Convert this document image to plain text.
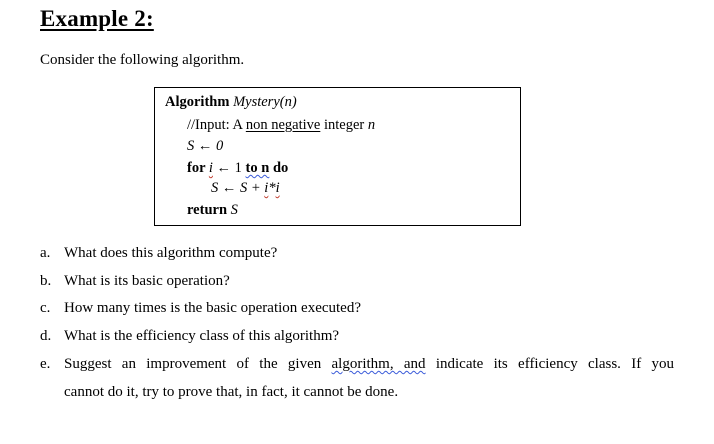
Example 2:
Consider the following algorithm.
Algorithm Mystery(n)
//Input: A non negative integer n
S ← 0
for i ← 1 to n do
S ← S + i*i
return S
a. What does this algorithm compute?
b. What is its basic operation?
c. How many times is the basic operation executed?
d. What is the efficiency class of this algorithm?
e. Suggest an improvement of the given algorithm, and indicate its efficiency class. If you
cannot do it, try to prove that, in fact, it cannot be done.
